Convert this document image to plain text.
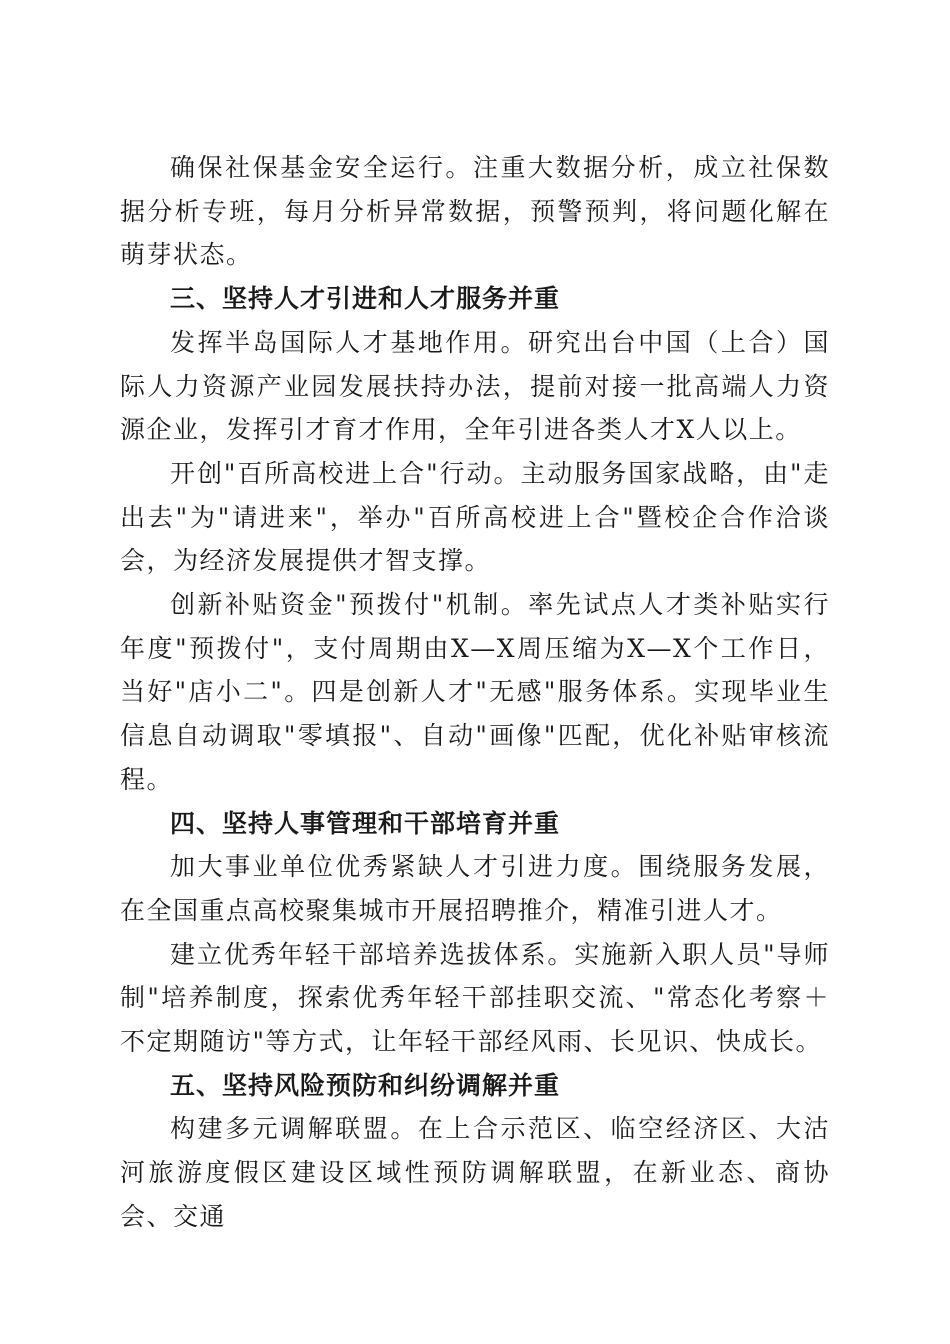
确保社保基金安全运行。注重大数据分析，成立社保数据分析专班，每月分析异常数据，预警预判，将问题化解在萌芽状态。

三、坚持人才引进和人才服务并重

发挥半岛国际人才基地作用。研究出台中国（上合）国际人力资源产业园发展扶持办法，提前对接一批高端人力资源企业，发挥引才育才作用，全年引进各类人才X人以上。

开创"百所高校进上合"行动。主动服务国家战略，由"走出去"为"请进来"，举办"百所高校进上合"暨校企合作洽谈会，为经济发展提供才智支撑。

创新补贴资金"预拨付"机制。率先试点人才类补贴实行年度"预拨付"，支付周期由X—X周压缩为X—X个工作日，当好"店小二"。四是创新人才"无感"服务体系。实现毕业生信息自动调取"零填报"、自动"画像"匹配，优化补贴审核流程。

四、坚持人事管理和干部培育并重

加大事业单位优秀紧缺人才引进力度。围绕服务发展，在全国重点高校聚集城市开展招聘推介，精准引进人才。

建立优秀年轻干部培养选拔体系。实施新入职人员"导师制"培养制度，探索优秀年轻干部挂职交流、"常态化考察＋不定期随访"等方式，让年轻干部经风雨、长见识、快成长。

五、坚持风险预防和纠纷调解并重

构建多元调解联盟。在上合示范区、临空经济区、大沽河旅游度假区建设区域性预防调解联盟，在新业态、商协会、交通
